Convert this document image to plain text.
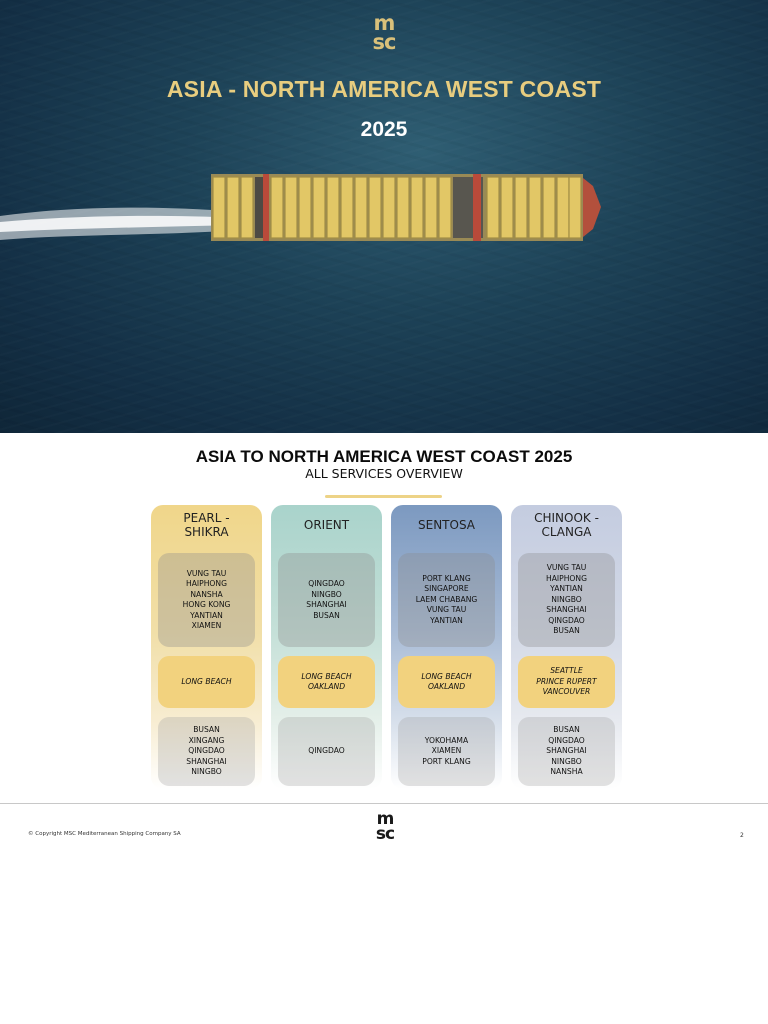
m
sc
ASIA - NORTH AMERICA WEST COAST
2025
ASIA TO NORTH AMERICA WEST COAST 2025
ALL SERVICES OVERVIEW
PEARL -
SHIKRA
VUNG TAU
HAIPHONG
NANSHA
HONG KONG
YANTIAN
XIAMEN
LONG BEACH
BUSAN
XINGANG
QINGDAO
SHANGHAI
NINGBO
ORIENT
QINGDAO
NINGBO
SHANGHAI
BUSAN
LONG BEACH
OAKLAND
QINGDAO
SENTOSA
PORT KLANG
SINGAPORE
LAEM CHABANG
VUNG TAU
YANTIAN
LONG BEACH
OAKLAND
YOKOHAMA
XIAMEN
PORT KLANG
CHINOOK -
CLANGA
VUNG TAU
HAIPHONG
YANTIAN
NINGBO
SHANGHAI
QINGDAO
BUSAN
SEATTLE
PRINCE RUPERT
VANCOUVER
BUSAN
QINGDAO
SHANGHAI
NINGBO
NANSHA
© Copyright MSC Mediterranean Shipping Company SA
m
sc	2
